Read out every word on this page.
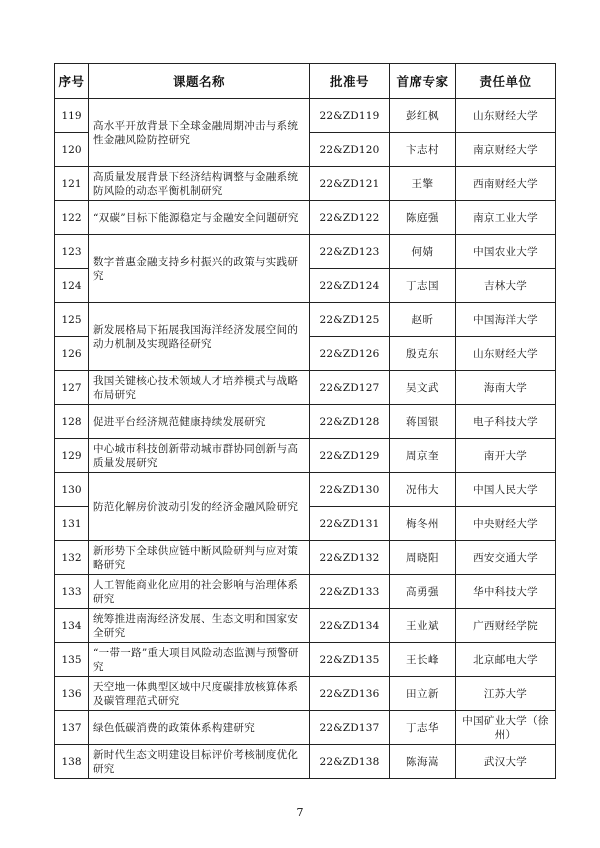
序号	课题名称	批准号	首席专家	责任单位
119	高水平开放背景下全球金融周期冲击与系统性金融风险防控研究	22&ZD119	彭红枫	山东财经大学
120		22&ZD120	卞志村	南京财经大学
121	高质量发展背景下经济结构调整与金融系统防风险的动态平衡机制研究	22&ZD121	王擎	西南财经大学
122	“双碳”目标下能源稳定与金融安全问题研究	22&ZD122	陈庭强	南京工业大学
123	数字普惠金融支持乡村振兴的政策与实践研究	22&ZD123	何婧	中国农业大学
124		22&ZD124	丁志国	吉林大学
125	新发展格局下拓展我国海洋经济发展空间的动力机制及实现路径研究	22&ZD125	赵昕	中国海洋大学
126		22&ZD126	殷克东	山东财经大学
127	我国关键核心技术领域人才培养模式与战略布局研究	22&ZD127	吴文武	海南大学
128	促进平台经济规范健康持续发展研究	22&ZD128	蒋国银	电子科技大学
129	中心城市科技创新带动城市群协同创新与高质量发展研究	22&ZD129	周京奎	南开大学
130	防范化解房价波动引发的经济金融风险研究	22&ZD130	况伟大	中国人民大学
131		22&ZD131	梅冬州	中央财经大学
132	新形势下全球供应链中断风险研判与应对策略研究	22&ZD132	周晓阳	西安交通大学
133	人工智能商业化应用的社会影响与治理体系研究	22&ZD133	高勇强	华中科技大学
134	统筹推进南海经济发展、生态文明和国家安全研究	22&ZD134	王业斌	广西财经学院
135	“一带一路”重大项目风险动态监测与预警研究	22&ZD135	王长峰	北京邮电大学
136	天空地一体典型区域中尺度碳排放核算体系及碳管理范式研究	22&ZD136	田立新	江苏大学
137	绿色低碳消费的政策体系构建研究	22&ZD137	丁志华	中国矿业大学（徐州）
138	新时代生态文明建设目标评价考核制度优化研究	22&ZD138	陈海嵩	武汉大学
7
